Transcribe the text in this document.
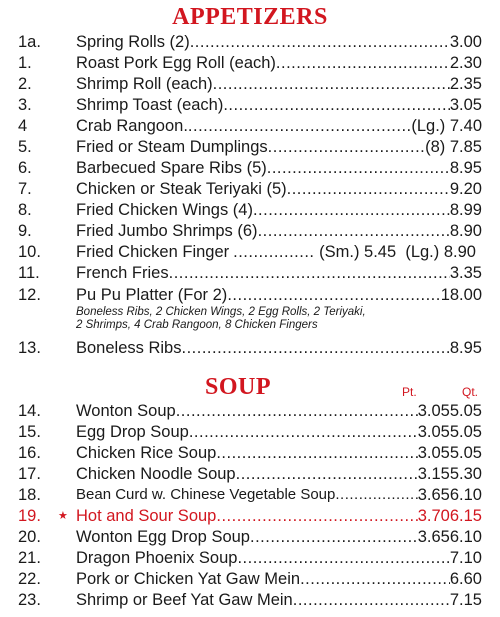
APPETIZERS
1a. Spring Rolls (2) .....	3.00
1.	Roast Pork Egg Roll (each) .....	2.30
2.	Shrimp Roll (each) .....	2.35
3.	Shrimp Toast (each) .....	3.05
4	Crab Rangoon. .....	(Lg.) 7.40
5.	Fried or Steam Dumplings .....	(8) 7.85
6.	Barbecued Spare Ribs (5) .....	8.95
7.	Chicken or Steak Teriyaki (5) .....	9.20
8.	Fried Chicken Wings (4) .....	8.99
9.	Fried Jumbo Shrimps (6) .....	8.90
10. Fried Chicken Finger .....	(Sm.) 5.45  (Lg.) 8.90
11. French Fries .....	3.35
12. Pu Pu Platter (For 2) .....	18.00
Boneless Ribs, 2 Chicken Wings, 2 Egg Rolls, 2 Teriyaki,
2 Shrimps, 4 Crab Rangoon, 8 Chicken Fingers
13. Boneless Ribs .....	8.95
SOUP	Pt.	Qt.
14. Wonton Soup .....	3.05 5.05
15. Egg Drop Soup .....	3.05 5.05
16. Chicken Rice Soup .....	3.05 5.05
17. Chicken Noodle Soup .....	3.15 5.30
18. Bean Curd w. Chinese Vegetable Soup .....	3.65 6.10
19. ★ Hot and Sour Soup .....	3.70 6.15
20. Wonton Egg Drop Soup .....	3.65 6.10
21. Dragon Phoenix Soup .....	7.10
22. Pork or Chicken Yat Gaw Mein .....	6.60
23. Shrimp or Beef Yat Gaw Mein .....	7.15
